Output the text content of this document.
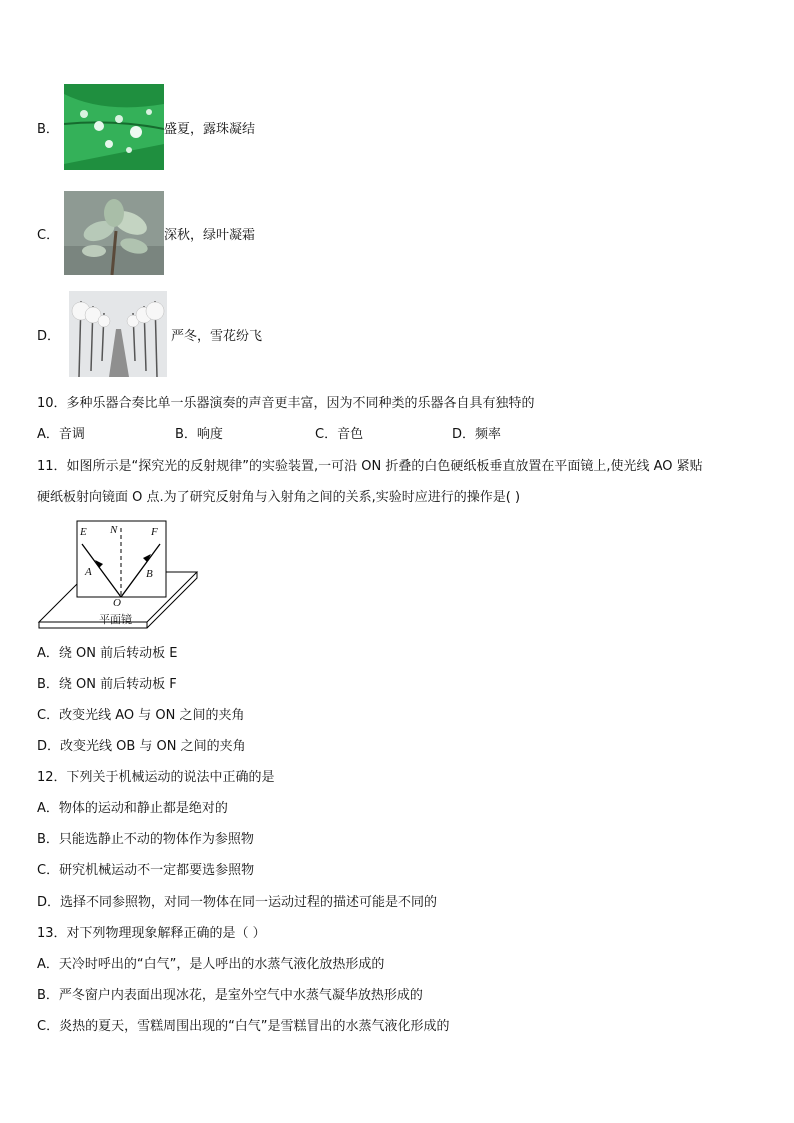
B．	盛夏，露珠凝结
C．	深秋，绿叶凝霜
D．	严冬，雪花纷飞
10．多种乐器合奏比单一乐器演奏的声音更丰富，因为不同种类的乐器各自具有独特的
A．音调	B．响度	C．音色	D．频率
11．如图所示是“探究光的反射规律”的实验装置,一可沿 ON 折叠的白色硬纸板垂直放置在平面镜上,使光线 AO 紧贴
硬纸板射向镜面 O 点.为了研究反射角与入射角之间的关系,实验时应进行的操作是( )
E N	F
A	B
O
平面镜
A．绕 ON 前后转动板 E
B．绕 ON 前后转动板 F
C．改变光线 AO 与 ON 之间的夹角
D．改变光线 OB 与 ON 之间的夹角
12．下列关于机械运动的说法中正确的是
A．物体的运动和静止都是绝对的
B．只能选静止不动的物体作为参照物
C．研究机械运动不一定都要选参照物
D．选择不同参照物，对同一物体在同一运动过程的描述可能是不同的
13．对下列物理现象解释正确的是（ ）
A．天冷时呼出的“白气”，是人呼出的水蒸气液化放热形成的
B．严冬窗户内表面出现冰花，是室外空气中水蒸气凝华放热形成的
C．炎热的夏天，雪糕周围出现的“白气”是雪糕冒出的水蒸气液化形成的
